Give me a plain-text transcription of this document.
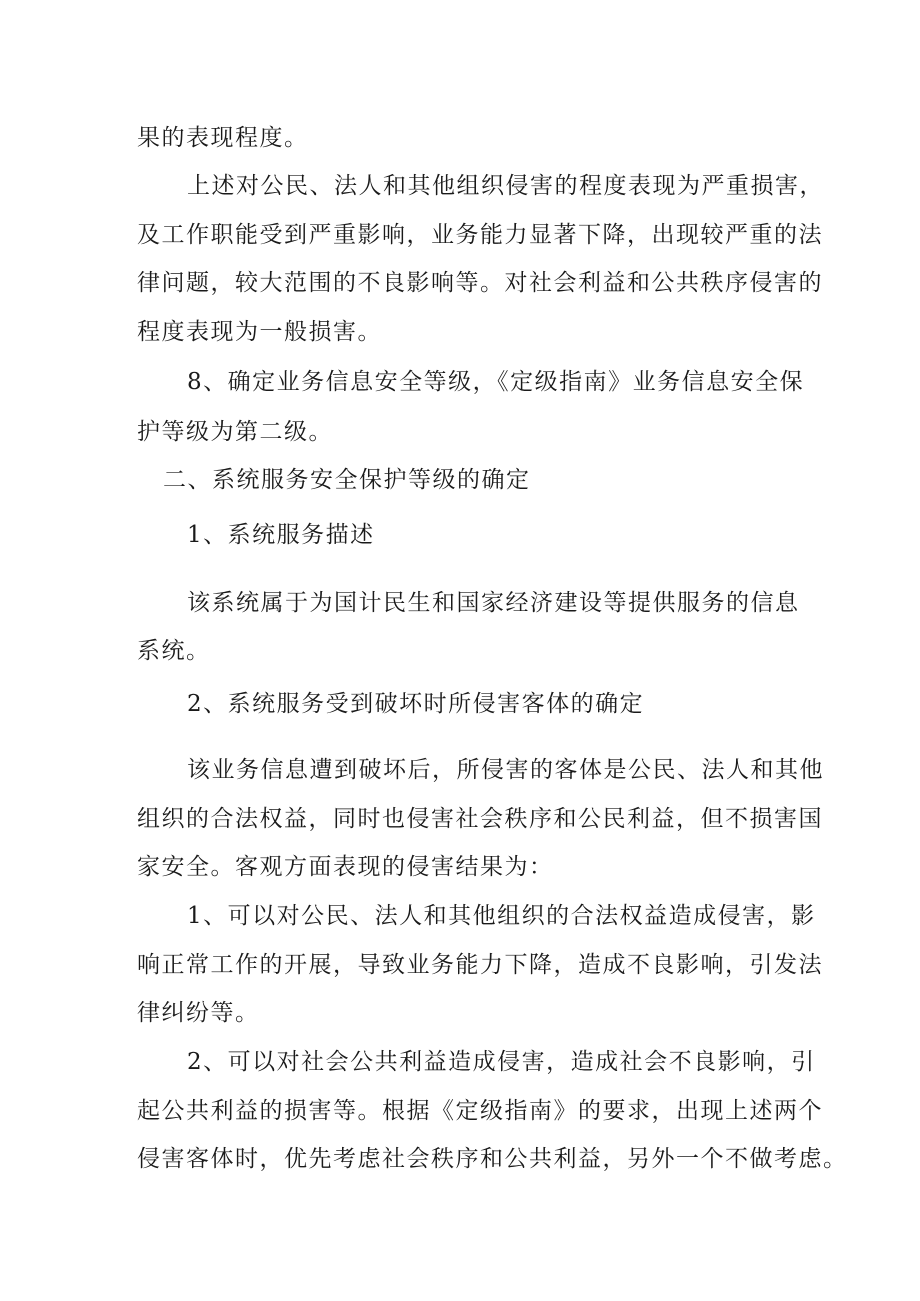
果的表现程度。
上述对公民、法人和其他组织侵害的程度表现为严重损害，
及工作职能受到严重影响，业务能力显著下降，出现较严重的法
律问题，较大范围的不良影响等。对社会利益和公共秩序侵害的
程度表现为一般损害。
8、确定业务信息安全等级，《定级指南》业务信息安全保
护等级为第二级。
二、系统服务安全保护等级的确定
1、系统服务描述
该系统属于为国计民生和国家经济建设等提供服务的信息
系统。
2、系统服务受到破坏时所侵害客体的确定
该业务信息遭到破坏后，所侵害的客体是公民、法人和其他
组织的合法权益，同时也侵害社会秩序和公民利益，但不损害国
家安全。客观方面表现的侵害结果为：
1、可以对公民、法人和其他组织的合法权益造成侵害，影
响正常工作的开展，导致业务能力下降，造成不良影响，引发法
律纠纷等。
2、可以对社会公共利益造成侵害，造成社会不良影响，引
起公共利益的损害等。根据《定级指南》的要求，出现上述两个
侵害客体时，优先考虑社会秩序和公共利益，另外一个不做考虑。
